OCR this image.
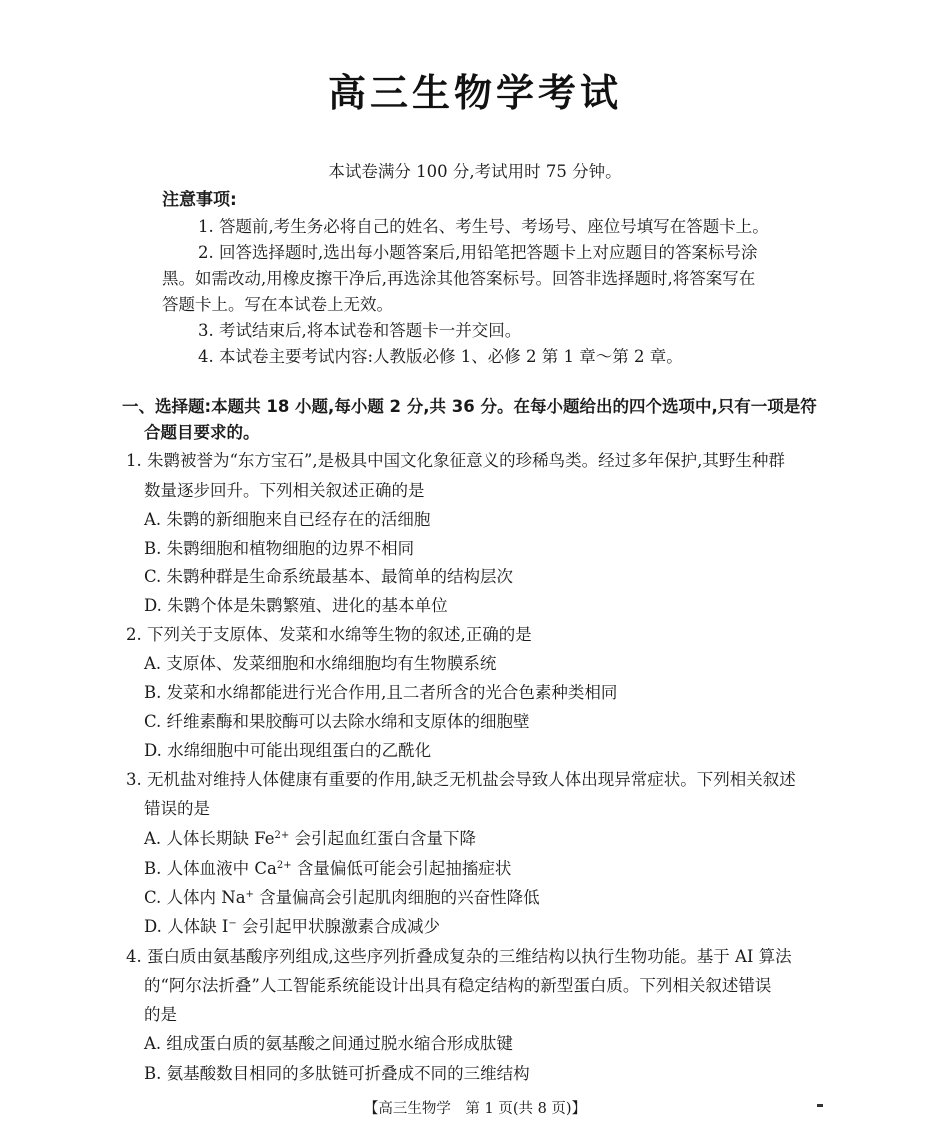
高三生物学考试
本试卷满分 100 分,考试用时 75 分钟。
注意事项:
1. 答题前,考生务必将自己的姓名、考生号、考场号、座位号填写在答题卡上。
2. 回答选择题时,选出每小题答案后,用铅笔把答题卡上对应题目的答案标号涂
黑。如需改动,用橡皮擦干净后,再选涂其他答案标号。回答非选择题时,将答案写在
答题卡上。写在本试卷上无效。
3. 考试结束后,将本试卷和答题卡一并交回。
4. 本试卷主要考试内容:人教版必修 1、必修 2 第 1 章～第 2 章。
一、选择题:本题共 18 小题,每小题 2 分,共 36 分。在每小题给出的四个选项中,只有一项是符
合题目要求的。
1. 朱鹮被誉为“东方宝石”,是极具中国文化象征意义的珍稀鸟类。经过多年保护,其野生种群
数量逐步回升。下列相关叙述正确的是
A. 朱鹮的新细胞来自已经存在的活细胞
B. 朱鹮细胞和植物细胞的边界不相同
C. 朱鹮种群是生命系统最基本、最简单的结构层次
D. 朱鹮个体是朱鹮繁殖、进化的基本单位
2. 下列关于支原体、发菜和水绵等生物的叙述,正确的是
A. 支原体、发菜细胞和水绵细胞均有生物膜系统
B. 发菜和水绵都能进行光合作用,且二者所含的光合色素种类相同
C. 纤维素酶和果胶酶可以去除水绵和支原体的细胞壁
D. 水绵细胞中可能出现组蛋白的乙酰化
3. 无机盐对维持人体健康有重要的作用,缺乏无机盐会导致人体出现异常症状。下列相关叙述
错误的是
A. 人体长期缺 $Fe^{2+}$ 会引起血红蛋白含量下降
B. 人体血液中 $Ca^{2+}$ 含量偏低可能会引起抽搐症状
C. 人体内 Na+ 含量偏高会引起肌肉细胞的兴奋性降低
D. 人体缺 I− 会引起甲状腺激素合成减少
4. 蛋白质由氨基酸序列组成,这些序列折叠成复杂的三维结构以执行生物功能。基于 AI 算法
的“阿尔法折叠”人工智能系统能设计出具有稳定结构的新型蛋白质。下列相关叙述错误
的是
A. 组成蛋白质的氨基酸之间通过脱水缩合形成肽键
B. 氨基酸数目相同的多肽链可折叠成不同的三维结构
【高三生物学　第 1 页(共 8 页)】
